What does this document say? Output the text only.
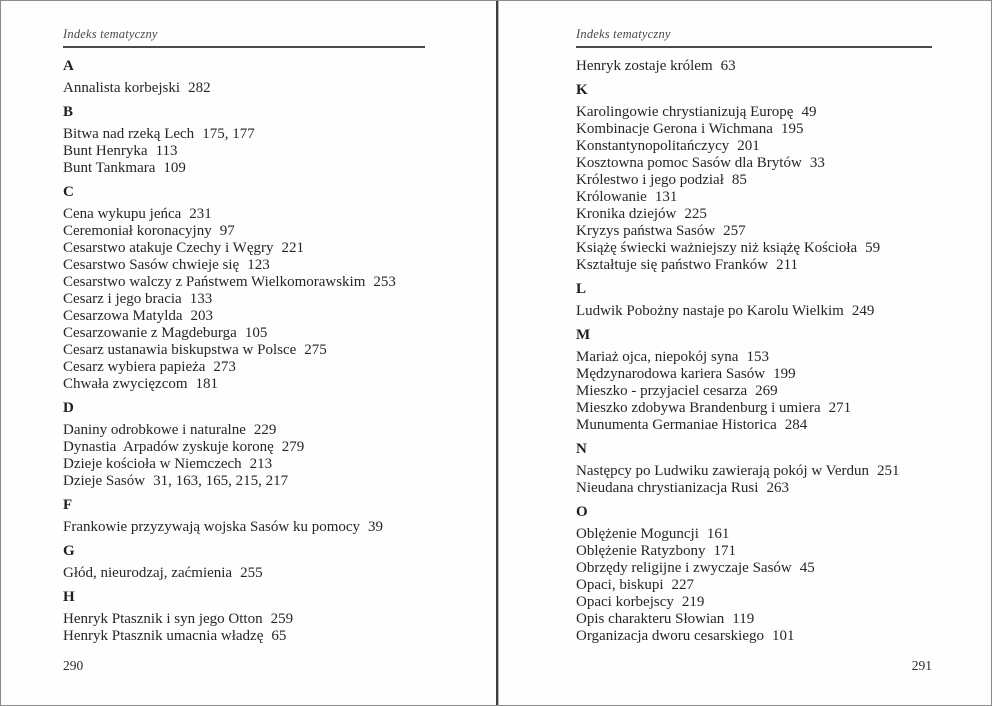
Indeks tematyczny
A
Annalista korbejski 282
B
Bitwa nad rzeką Lech 175, 177
Bunt Henryka 113
Bunt Tankmara 109
C
Cena wykupu jeńca 231
Ceremoniał koronacyjny 97
Cesarstwo atakuje Czechy i Węgry 221
Cesarstwo Sasów chwieje się 123
Cesarstwo walczy z Państwem Wielkomorawskim 253
Cesarz i jego bracia 133
Cesarzowa Matylda 203
Cesarzowanie z Magdeburga 105
Cesarz ustanawia biskupstwa w Polsce 275
Cesarz wybiera papieża 273
Chwała zwycięzcom 181
D
Daniny odrobkowe i naturalne 229
Dynastia  Arpadów zyskuje koronę 279
Dzieje kościoła w Niemczech 213
Dzieje Sasów 31, 163, 165, 215, 217
F
Frankowie przyzywają wojska Sasów ku pomocy 39
G
Głód, nieurodzaj, zaćmienia 255
H
Henryk Ptasznik i syn jego Otton 259
Henryk Ptasznik umacnia władzę 65
290
Indeks tematyczny
Henryk zostaje królem 63
K
Karolingowie chrystianizują Europę 49
Kombinacje Gerona i Wichmana 195
Konstantynopolitańczycy 201
Kosztowna pomoc Sasów dla Brytów 33
Królestwo i jego podział 85
Królowanie 131
Kronika dziejów 225
Kryzys państwa Sasów 257
Książę świecki ważniejszy niż książę Kościoła 59
Kształtuje się państwo Franków 211
L
Ludwik Pobożny nastaje po Karolu Wielkim 249
M
Mariaż ojca, niepokój syna 153
Mędzynarodowa kariera Sasów 199
Mieszko - przyjaciel cesarza 269
Mieszko zdobywa Brandenburg i umiera 271
Munumenta Germaniae Historica 284
N
Następcy po Ludwiku zawierają pokój w Verdun 251
Nieudana chrystianizacja Rusi 263
O
Oblężenie Moguncji 161
Oblężenie Ratyzbony 171
Obrzędy religijne i zwyczaje Sasów 45
Opaci, biskupi 227
Opaci korbejscy 219
Opis charakteru Słowian 119
Organizacja dworu cesarskiego 101
291
